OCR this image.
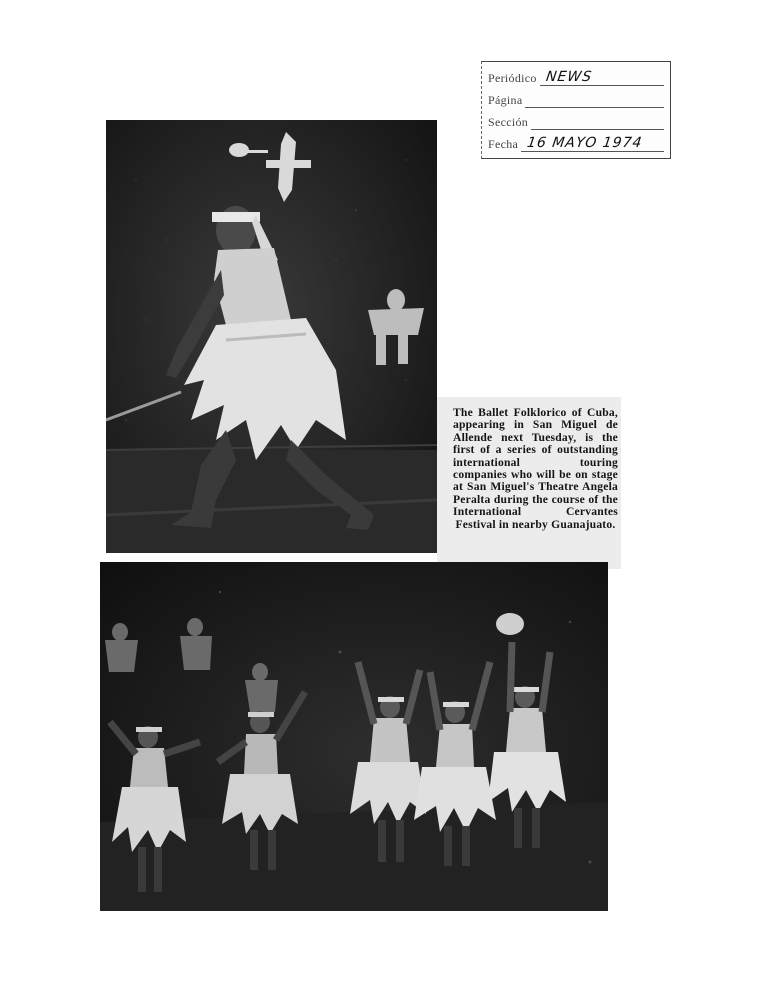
Periódico NEWS
Página
Sección
Fecha 16 MAYO 1974

The Ballet Folklorico of Cuba, appearing in San Miguel de Allende next Tuesday, is the first of a series of outstanding international touring companies who will be on stage at San Miguel's Theatre Angela Peralta during the course of the International Cervantes Festival in nearby Guanajuato.
